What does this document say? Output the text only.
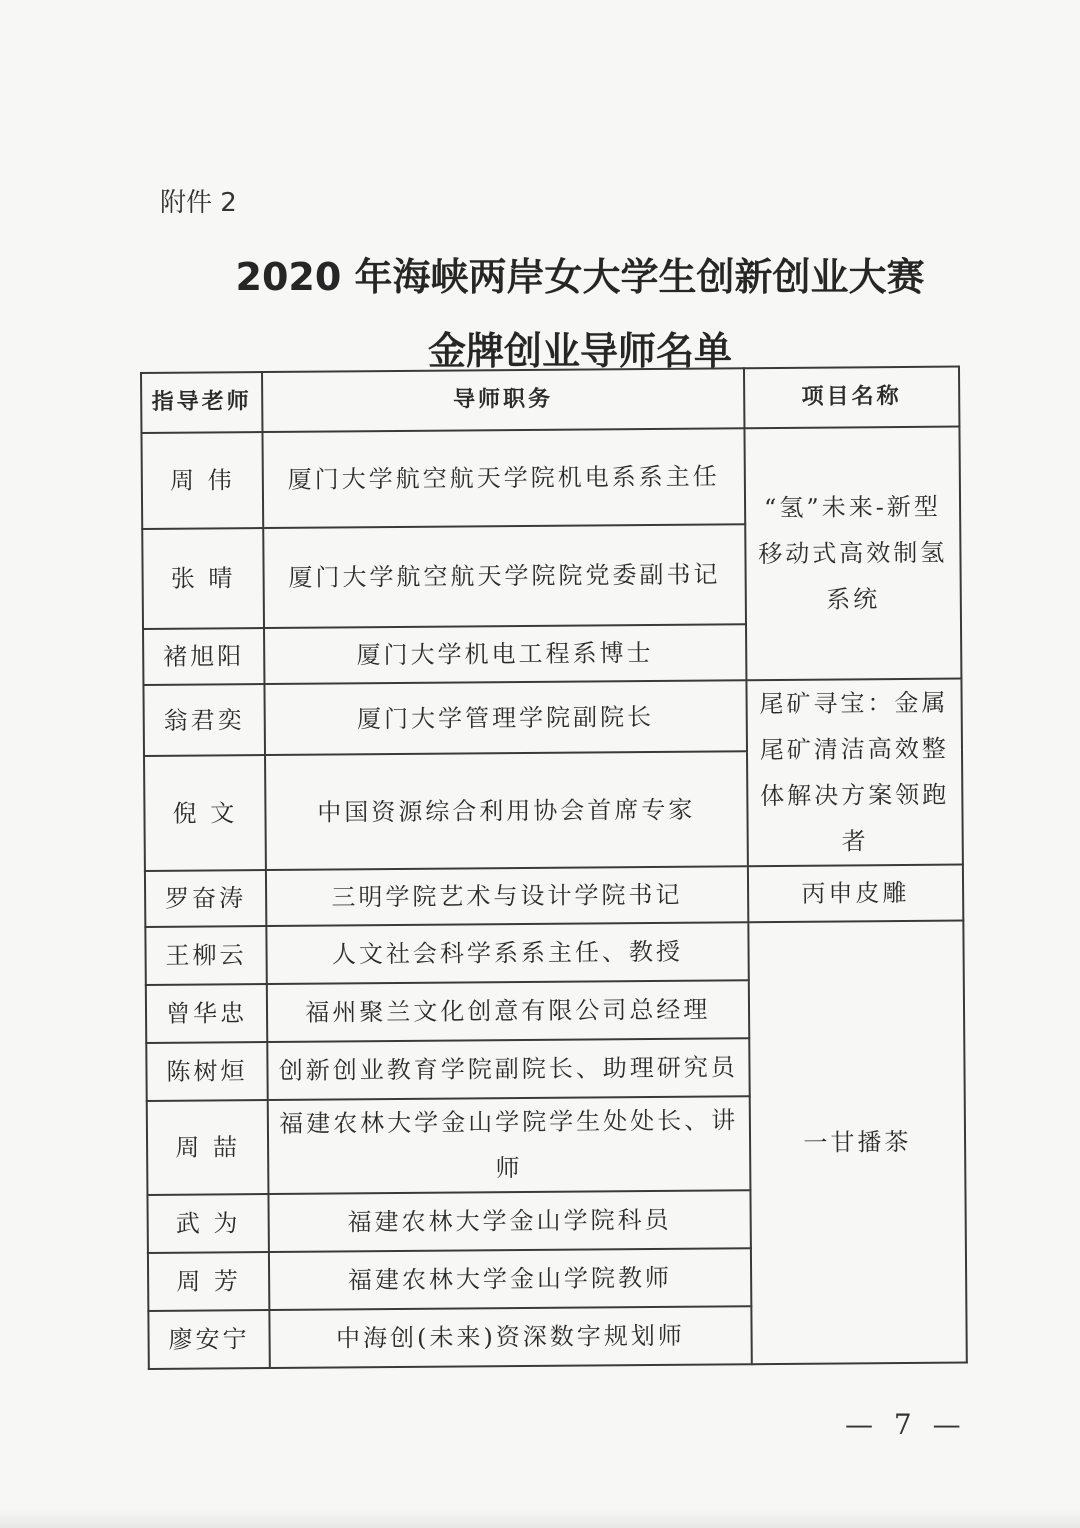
附件 2
2020 年海峡两岸女大学生创新创业大赛
金牌创业导师名单
指导老师	导师职务	项目名称
周 伟	厦门大学航空航天学院机电系系主任	“氢”未来-新型移动式高效制氢系统
张 晴	厦门大学航空航天学院院党委副书记	
褚旭阳	厦门大学机电工程系博士	
翁君奕	厦门大学管理学院副院长	尾矿寻宝：金属尾矿清洁高效整体解决方案领跑者
倪 文	中国资源综合利用协会首席专家	
罗奋涛	三明学院艺术与设计学院书记	丙申皮雕
王柳云	人文社会科学系系主任、教授	一甘播茶
曾华忠	福州聚兰文化创意有限公司总经理	
陈树烜	创新创业教育学院副院长、助理研究员	
周 喆	福建农林大学金山学院学生处处长、讲师	
武 为	福建农林大学金山学院科员	
周 芳	福建农林大学金山学院教师	
廖安宁	中海创(未来)资深数字规划师	
— 7 —
